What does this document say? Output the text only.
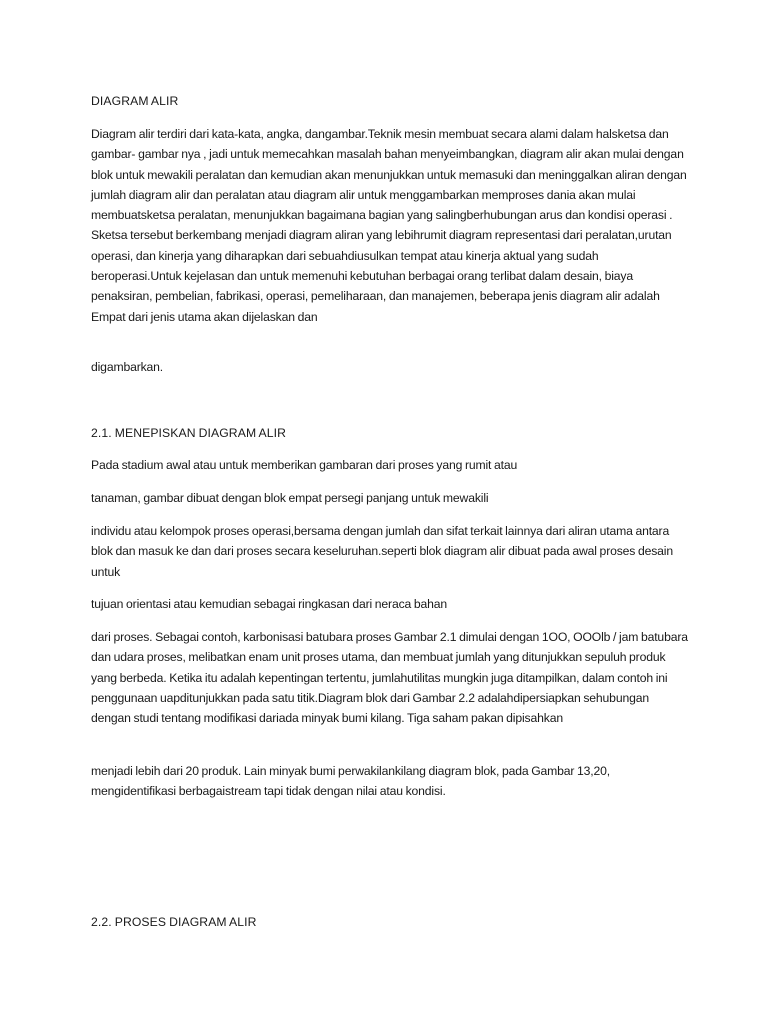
DIAGRAM ALIR

Diagram alir terdiri dari kata-kata, angka, dangambar.Teknik mesin membuat secara alami dalam halsketsa dan gambar- gambar nya , jadi untuk memecahkan masalah bahan menyeimbangkan, diagram alir akan mulai dengan blok untuk mewakili peralatan dan kemudian akan menunjukkan untuk memasuki dan meninggalkan aliran dengan jumlah diagram alir dan peralatan atau diagram alir untuk menggambarkan memproses dania akan mulai membuatsketsa peralatan, menunjukkan bagaimana bagian yang salingberhubungan arus dan kondisi operasi . Sketsa tersebut berkembang menjadi diagram aliran yang lebihrumit diagram representasi dari peralatan,urutan operasi, dan kinerja yang diharapkan dari sebuahdiusulkan tempat atau kinerja aktual yang sudah beroperasi.Untuk kejelasan dan untuk memenuhi kebutuhan berbagai orang terlibat dalam desain, biaya penaksiran, pembelian, fabrikasi, operasi, pemeliharaan, dan manajemen, beberapa jenis diagram alir adalah Empat dari jenis utama akan dijelaskan dan

digambarkan.

2.1. MENEPISKAN DIAGRAM ALIR

Pada stadium awal atau untuk memberikan gambaran dari proses yang rumit atau

tanaman, gambar dibuat dengan blok empat persegi panjang untuk mewakili

individu atau kelompok proses operasi,bersama dengan jumlah dan sifat terkait lainnya dari aliran utama antara blok dan masuk ke dan dari proses secara keseluruhan.seperti blok diagram alir dibuat pada awal proses desain untuk

tujuan orientasi atau kemudian sebagai ringkasan dari neraca bahan

dari proses. Sebagai contoh, karbonisasi batubara proses Gambar 2.1 dimulai dengan 1OO, OOOlb / jam batubara dan udara proses, melibatkan enam unit proses utama, dan membuat jumlah yang ditunjukkan sepuluh produk yang berbeda. Ketika itu adalah kepentingan tertentu, jumlahutilitas mungkin juga ditampilkan, dalam contoh ini penggunaan uapditunjukkan pada satu titik.Diagram blok dari Gambar 2.2 adalahdipersiapkan sehubungan dengan studi tentang modifikasi dariada minyak bumi kilang. Tiga saham pakan dipisahkan

menjadi lebih dari 20 produk. Lain minyak bumi perwakilankilang diagram blok, pada Gambar 13,20, mengidentifikasi berbagaistream tapi tidak dengan nilai atau kondisi.

2.2. PROSES DIAGRAM ALIR
